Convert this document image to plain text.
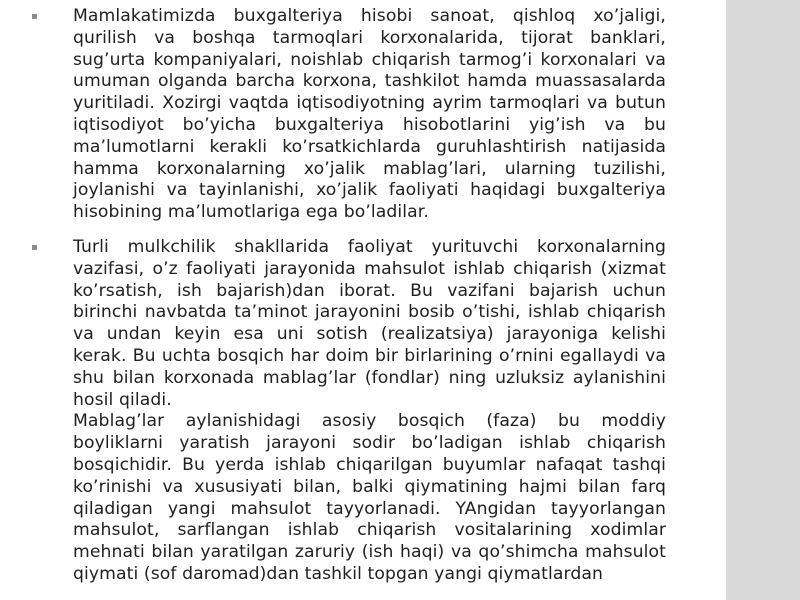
▪ Mamlakatimizda buxgalteriya hisobi sanoat, qishloq xo’jaligi, qurilish va boshqa tarmoqlari korxonalarida, tijorat banklari, sug’urta kompaniyalari, noishlab chiqarish tarmog’i korxonalari va umuman olganda barcha korxona, tashkilot hamda muassasalarda yuritiladi. Xozirgi vaqtda iqtisodiyotning ayrim tarmoqlari va butun iqtisodiyot bo’yicha buxgalteriya hisobotlarini yig’ish va bu ma’lumotlarni kerakli ko’rsatkichlarda guruhlashtirish natijasida hamma korxonalarning xo’jalik mablag’lari, ularning tuzilishi, joylanishi va tayinlanishi, xo’jalik faoliyati haqidagi buxgalteriya hisobining ma’lumotlariga ega bo’ladilar.

▪ Turli mulkchilik shakllarida faoliyat yurituvchi korxonalarning vazifasi, o’z faoliyati jarayonida mahsulot ishlab chiqarish (xizmat ko’rsatish, ish bajarish)dan iborat. Bu vazifani bajarish uchun birinchi navbatda ta’minot jarayonini bosib o’tishi, ishlab chiqarish va undan keyin esa uni sotish (realizatsiya) jarayoniga kelishi kerak. Bu uchta bosqich har doim bir birlarining o’rnini egallaydi va shu bilan korxonada mablag’lar (fondlar) ning uzluksiz aylanishini hosil qiladi.
Mablag’lar aylanishidagi asosiy bosqich (faza) bu moddiy boyliklarni yaratish jarayoni sodir bo’ladigan ishlab chiqarish bosqichidir. Bu yerda ishlab chiqarilgan buyumlar nafaqat tashqi ko’rinishi va xususiyati bilan, balki qiymatining hajmi bilan farq qiladigan yangi mahsulot tayyorlanadi. YAngidan tayyorlangan mahsulot, sarflangan ishlab chiqarish vositalarining xodimlar mehnati bilan yaratilgan zaruriy (ish haqi) va qo’shimcha mahsulot qiymati (sof daromad)dan tashkil topgan yangi qiymatlardan
